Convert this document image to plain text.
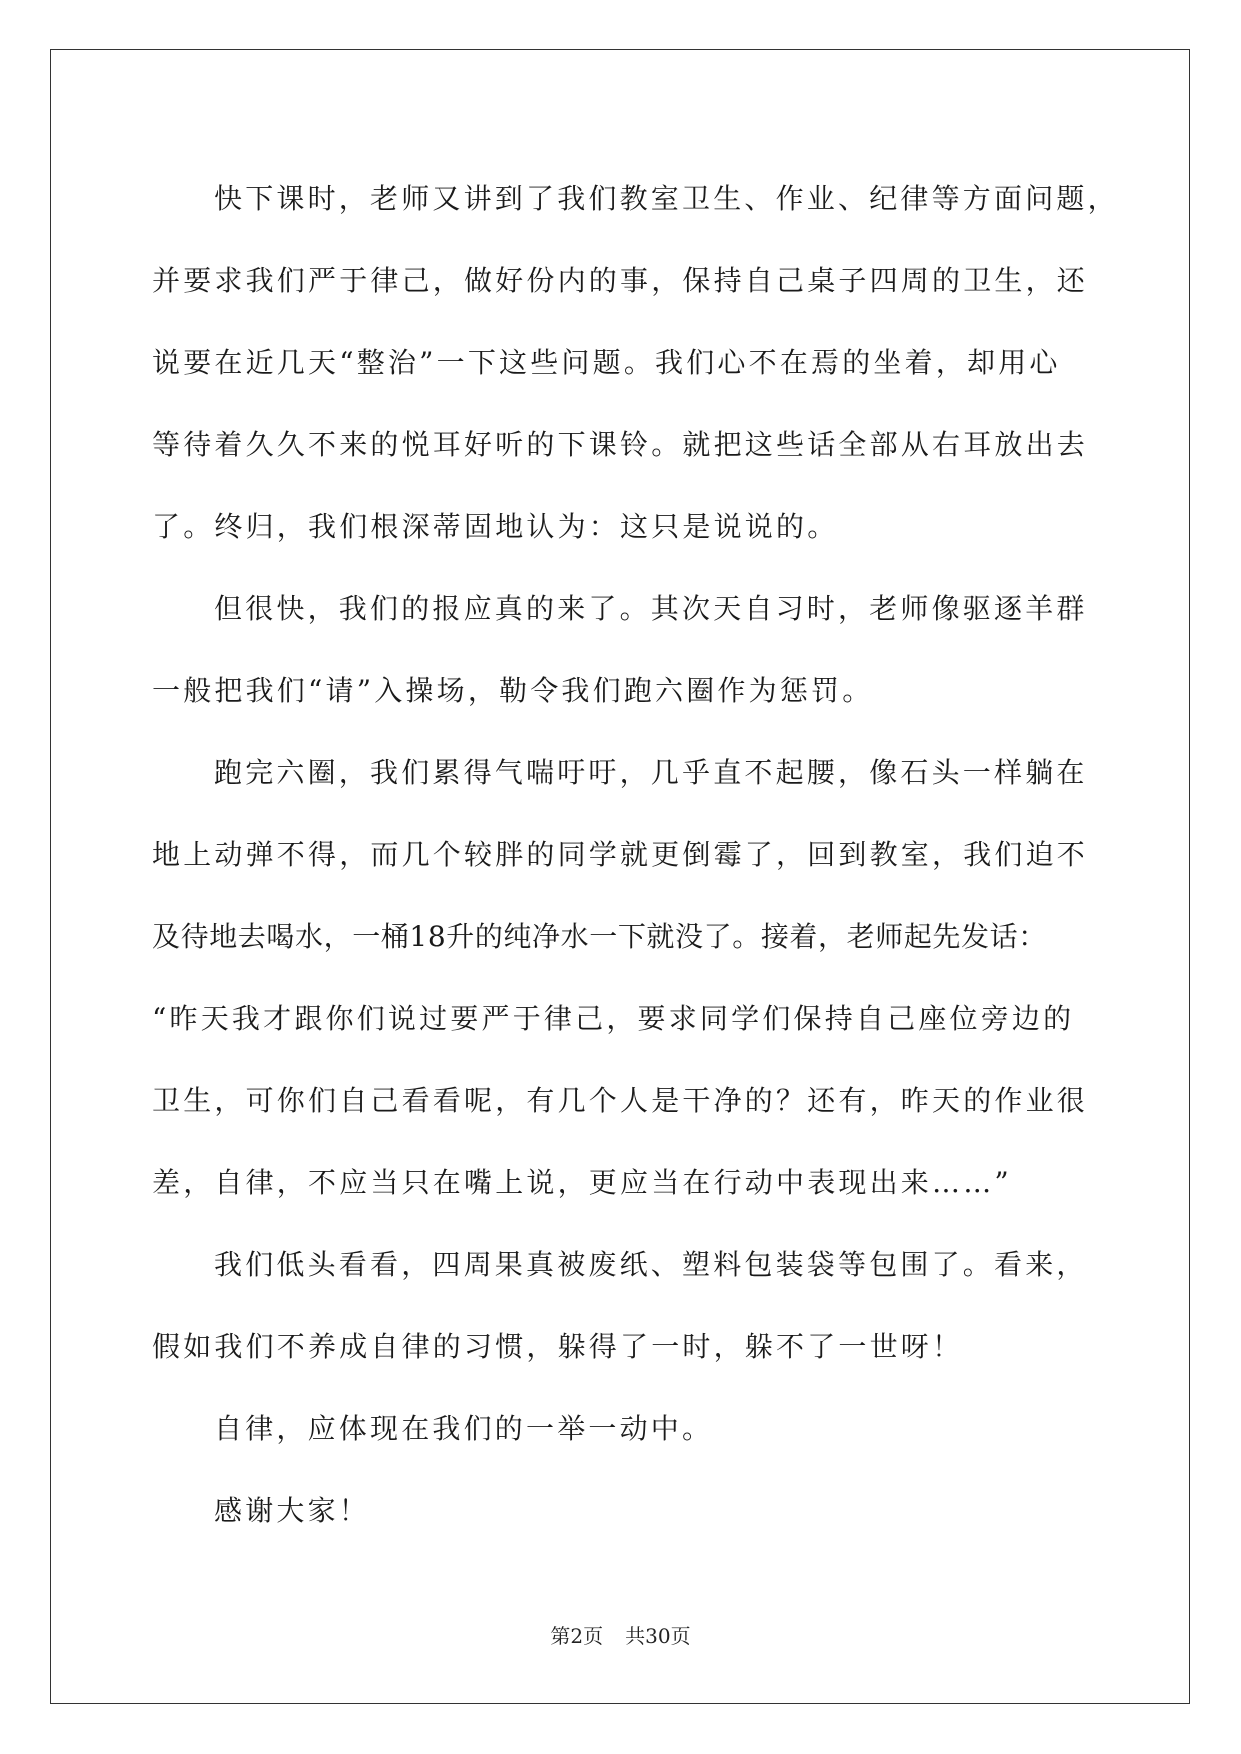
快下课时，老师又讲到了我们教室卫生、作业、纪律等方面问题，
并要求我们严于律己，做好份内的事，保持自己桌子四周的卫生，还
说要在近几天“整治”一下这些问题。我们心不在焉的坐着，却用心
等待着久久不来的悦耳好听的下课铃。就把这些话全部从右耳放出去
了。终归，我们根深蒂固地认为：这只是说说的。
但很快，我们的报应真的来了。其次天自习时，老师像驱逐羊群
一般把我们“请”入操场，勒令我们跑六圈作为惩罚。
跑完六圈，我们累得气喘吁吁，几乎直不起腰，像石头一样躺在
地上动弹不得，而几个较胖的同学就更倒霉了，回到教室，我们迫不
及待地去喝水，一桶18升的纯净水一下就没了。接着，老师起先发话：
“昨天我才跟你们说过要严于律己，要求同学们保持自己座位旁边的
卫生，可你们自己看看呢，有几个人是干净的？还有，昨天的作业很
差，自律，不应当只在嘴上说，更应当在行动中表现出来……”
我们低头看看，四周果真被废纸、塑料包装袋等包围了。看来，
假如我们不养成自律的习惯，躲得了一时，躲不了一世呀！
自律，应体现在我们的一举一动中。
感谢大家！
第2页 共30页
